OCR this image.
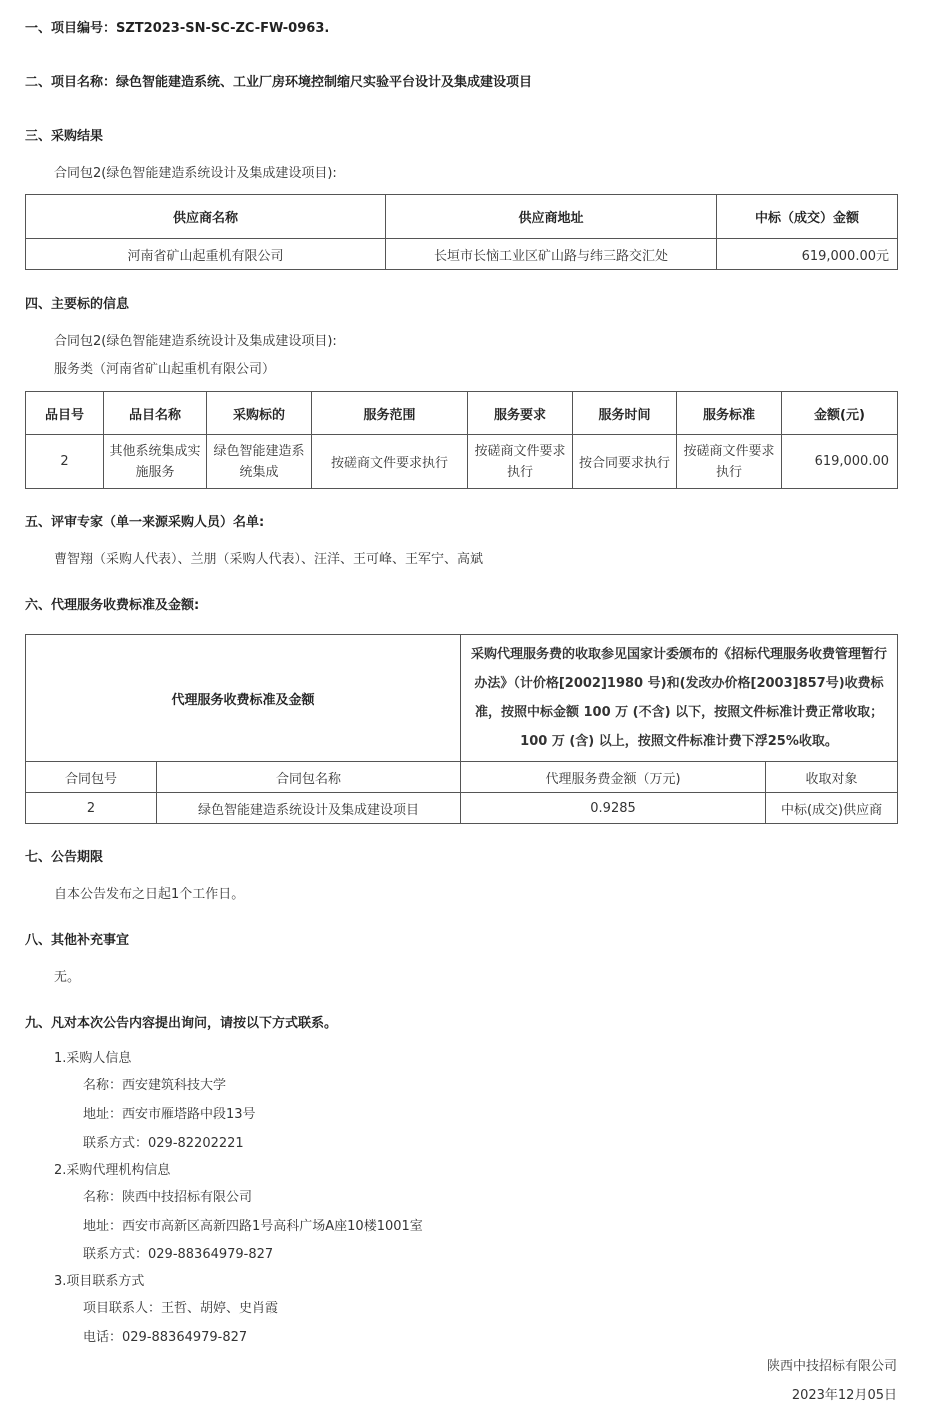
一、项目编号：SZT2023-SN-SC-ZC-FW-0963.
二、项目名称：绿色智能建造系统、工业厂房环境控制缩尺实验平台设计及集成建设项目
三、采购结果
合同包2(绿色智能建造系统设计及集成建设项目):
供应商名称	供应商地址	中标（成交）金额
河南省矿山起重机有限公司	长垣市长恼工业区矿山路与纬三路交汇处	619,000.00元
四、主要标的信息
合同包2(绿色智能建造系统设计及集成建设项目):
服务类（河南省矿山起重机有限公司）
品目号	品目名称	采购标的	服务范围	服务要求	服务时间	服务标准	金额(元)
2	其他系统集成实施服务	绿色智能建造系统集成	按磋商文件要求执行	按磋商文件要求执行	按合同要求执行	按磋商文件要求执行	619,000.00
五、评审专家（单一来源采购人员）名单:
曹智翔（采购人代表）、兰朋（采购人代表）、汪洋、王可峰、王军宁、高斌
六、代理服务收费标准及金额:
代理服务收费标准及金额		采购代理服务费的收取参见国家计委颁布的《招标代理服务收费管理暂行办法》（计价格[2002]1980 号)和(发改办价格[2003]857号)收费标准，按照中标金额 100 万 (不含) 以下，按照文件标准计费正常收取；100 万 (含) 以上，按照文件标准计费下浮25%收取。	
合同包号	合同包名称	代理服务费金额（万元)	收取对象
2	绿色智能建造系统设计及集成建设项目	0.9285	中标(成交)供应商
七、公告期限
自本公告发布之日起1个工作日。
八、其他补充事宜
无。
九、凡对本次公告内容提出询问，请按以下方式联系。
1.采购人信息
名称：西安建筑科技大学
地址：西安市雁塔路中段13号
联系方式：029-82202221
2.采购代理机构信息
名称：陕西中技招标有限公司
地址：西安市高新区高新四路1号高科广场A座10楼1001室
联系方式：029-88364979-827
3.项目联系方式
项目联系人：王哲、胡婷、史肖霞
电话：029-88364979-827
陕西中技招标有限公司
2023年12月05日
